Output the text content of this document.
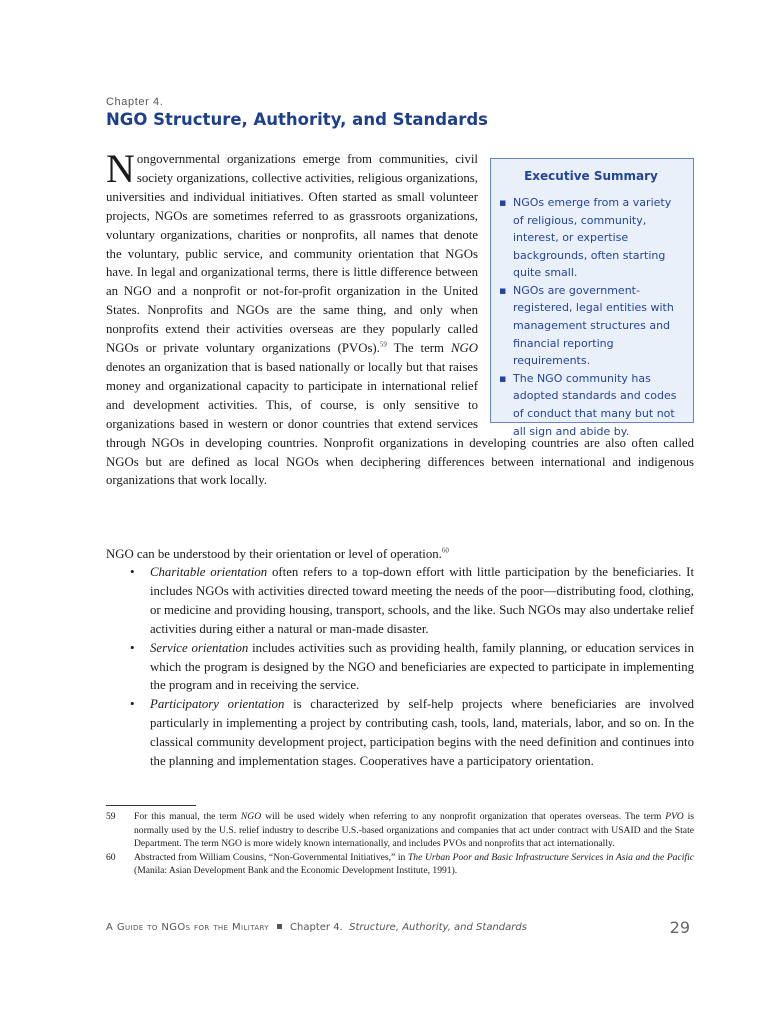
Chapter 4.
NGO Structure, Authority, and Standards
Executive Summary
▪ NGOs emerge from a variety of religious, community, interest, or expertise backgrounds, often starting quite small.
▪ NGOs are government-registered, legal entities with management structures and financial reporting requirements.
▪ The NGO community has adopted standards and codes of conduct that many but not all sign and abide by.

Nongovernmental organizations emerge from communities, civil society organizations, collective activities, religious organizations, universities and individual initiatives. Often started as small volunteer projects, NGOs are sometimes referred to as grassroots organizations, voluntary organizations, charities or nonprofits, all names that denote the voluntary, public service, and community orientation that NGOs have. In legal and organizational terms, there is little difference between an NGO and a nonprofit or not-for-profit organization in the United States. Nonprofits and NGOs are the same thing, and only when nonprofits extend their activities overseas are they popularly called NGOs or private voluntary organizations (PVOs).$^{59}$ The term NGO denotes an organization that is based nationally or locally but that raises money and organizational capacity to participate in international relief and development activities. This, of course, is only sensitive to organizations based in western or donor countries that extend services through NGOs in developing countries. Nonprofit organizations in developing countries are also often called NGOs but are defined as local NGOs when deciphering differences between international and indigenous organizations that work locally.

NGO can be understood by their orientation or level of operation.$^{60}$
• Charitable orientation often refers to a top-down effort with little participation by the beneficiaries. It includes NGOs with activities directed toward meeting the needs of the poor—distributing food, clothing, or medicine and providing housing, transport, schools, and the like. Such NGOs may also undertake relief activities during either a natural or man-made disaster.
• Service orientation includes activities such as providing health, family planning, or education services in which the program is designed by the NGO and beneficiaries are expected to participate in implementing the program and in receiving the service.
• Participatory orientation is characterized by self-help projects where beneficiaries are involved particularly in implementing a project by contributing cash, tools, land, materials, labor, and so on. In the classical community development project, participation begins with the need definition and continues into the planning and implementation stages. Cooperatives have a participatory orientation.
59 For this manual, the term NGO will be used widely when referring to any nonprofit organization that operates overseas. The term PVO is normally used by the U.S. relief industry to describe U.S.-based organizations and companies that act under contract with USAID and the State Department. The term NGO is more widely known internationally, and includes PVOs and nonprofits that act internationally.
60 Abstracted from William Cousins, “Non-Governmental Initiatives,” in The Urban Poor and Basic Infrastructure Services in Asia and the Pacific (Manila: Asian Development Bank and the Economic Development Institute, 1991).
A Guide to NGOs for the Military Chapter 4. Structure, Authority, and Standards	29
